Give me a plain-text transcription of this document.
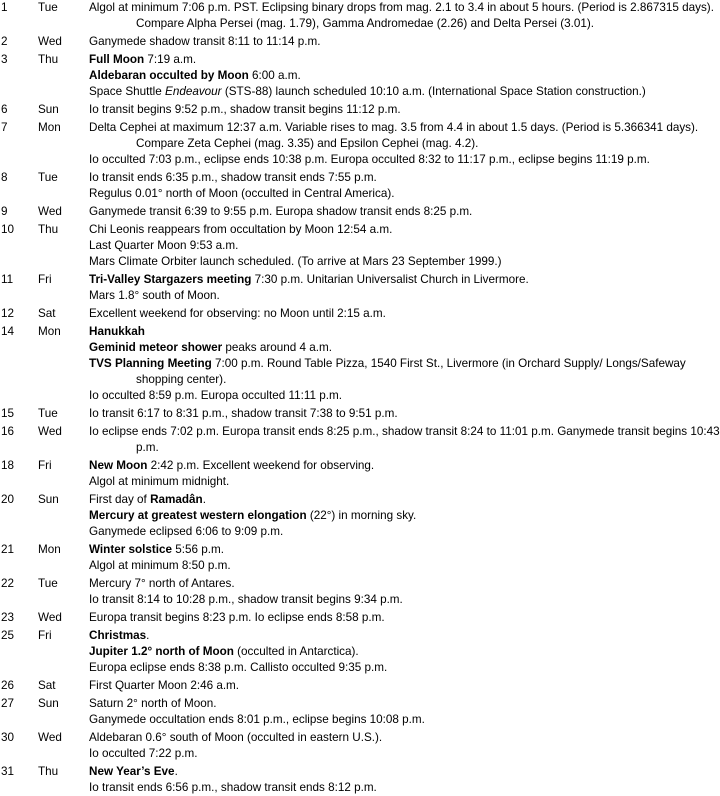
1	Tue	Algol at minimum 7:06 p.m. PST. Eclipsing binary drops from mag. 2.1 to 3.4 in about 5 hours. (Period is 2.867315 days). Compare Alpha Persei (mag. 1.79), Gamma Andromedae (2.26) and Delta Persei (3.01).
2	Wed	Ganymede shadow transit 8:11 to 11:14 p.m.
3	Thu	Full Moon 7:19 a.m.
Aldebaran occulted by Moon 6:00 a.m.
Space Shuttle Endeavour (STS-88) launch scheduled 10:10 a.m. (International Space Station construction.)
6	Sun	Io transit begins 9:52 p.m., shadow transit begins 11:12 p.m.
7	Mon	Delta Cephei at maximum 12:37 a.m. Variable rises to mag. 3.5 from 4.4 in about 1.5 days. (Period is 5.366341 days). Compare Zeta Cephei (mag. 3.35) and Epsilon Cephei (mag. 4.2).
Io occulted 7:03 p.m., eclipse ends 10:38 p.m. Europa occulted 8:32 to 11:17 p.m., eclipse begins 11:19 p.m.
8	Tue	Io transit ends 6:35 p.m., shadow transit ends 7:55 p.m.
Regulus 0.01° north of Moon (occulted in Central America).
9	Wed	Ganymede transit 6:39 to 9:55 p.m. Europa shadow transit ends 8:25 p.m.
10	Thu	Chi Leonis reappears from occultation by Moon 12:54 a.m.
Last Quarter Moon 9:53 a.m.
Mars Climate Orbiter launch scheduled. (To arrive at Mars 23 September 1999.)
11	Fri	Tri-Valley Stargazers meeting 7:30 p.m. Unitarian Universalist Church in Livermore.
Mars 1.8° south of Moon.
12	Sat	Excellent weekend for observing: no Moon until 2:15 a.m.
14	Mon	Hanukkah
Geminid meteor shower peaks around 4 a.m.
TVS Planning Meeting 7:00 p.m. Round Table Pizza, 1540 First St., Livermore (in Orchard Supply/ Longs/Safeway shopping center).
Io occulted 8:59 p.m. Europa occulted 11:11 p.m.
15	Tue	Io transit 6:17 to 8:31 p.m., shadow transit 7:38 to 9:51 p.m.
16	Wed	Io eclipse ends 7:02 p.m. Europa transit ends 8:25 p.m., shadow transit 8:24 to 11:01 p.m. Ganymede transit begins 10:43 p.m.
18	Fri	New Moon 2:42 p.m. Excellent weekend for observing.
Algol at minimum midnight.
20	Sun	First day of Ramadân.
Mercury at greatest western elongation (22°) in morning sky.
Ganymede eclipsed 6:06 to 9:09 p.m.
21	Mon	Winter solstice 5:56 p.m.
Algol at minimum 8:50 p.m.
22	Tue	Mercury 7° north of Antares.
Io transit 8:14 to 10:28 p.m., shadow transit begins 9:34 p.m.
23	Wed	Europa transit begins 8:23 p.m. Io eclipse ends 8:58 p.m.
25	Fri	Christmas.
Jupiter 1.2° north of Moon (occulted in Antarctica).
Europa eclipse ends 8:38 p.m. Callisto occulted 9:35 p.m.
26	Sat	First Quarter Moon 2:46 a.m.
27	Sun	Saturn 2° north of Moon.
Ganymede occultation ends 8:01 p.m., eclipse begins 10:08 p.m.
30	Wed	Aldebaran 0.6° south of Moon (occulted in eastern U.S.).
Io occulted 7:22 p.m.
31	Thu	New Year’s Eve.
Io transit ends 6:56 p.m., shadow transit ends 8:12 p.m.
